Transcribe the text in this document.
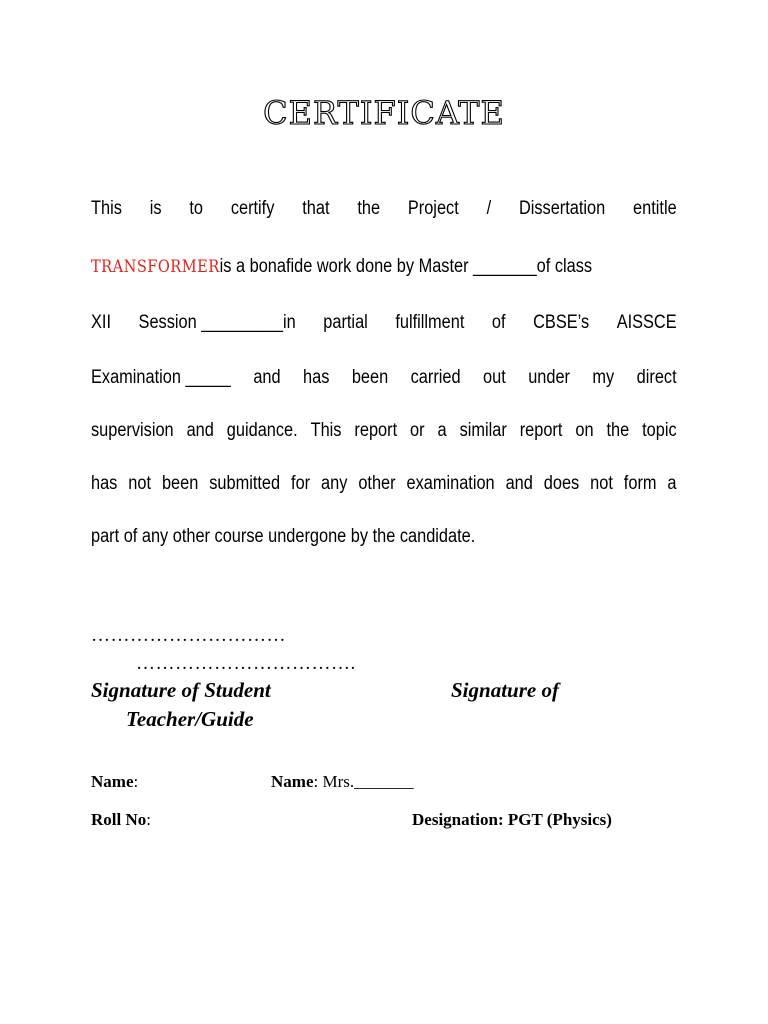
CERTIFICATE
This is to certify that the Project / Dissertation entitle
TRANSFORMERis a bonafide work done by Master _______of class
XII Session _________in partial fulfillment of CBSE’s AISSCE
Examination _____ and has been carried out under my direct
supervision and guidance. This report or a similar report on the topic
has not been submitted for any other examination and does not form a
part of any other course undergone by the candidate.
…………………………
…………………………….
Signature of Student	Signature of
Teacher/Guide
Name:	Name: Mrs._______
Roll No:	Designation: PGT (Physics)
